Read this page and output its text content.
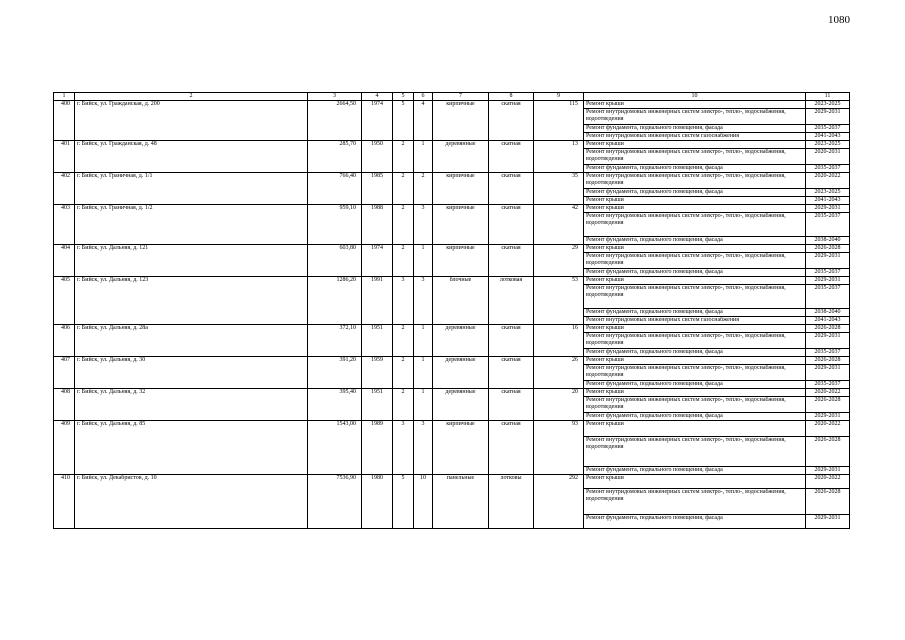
1080
1	2	3	4	5	6	7	8	9	10	11
400	г. Бийск, ул. Гражданская, д. 200	2664,50	1974	5	4	кирпичные	скатная	115	Ремонт крыши	2023-2025
									Ремонт внутридомовых инженерных систем электро-, тепло-, водоснабжения, водоотведения	2029-2031
									Ремонт фундамента, подвального помещения, фасада	2035-2037
									Ремонт внутридомовых инженерных систем газоснабжения	2041-2043
401	г. Бийск, ул. Гражданская, д. 48	285,70	1950	2	1	деревянные	скатная	13	Ремонт крыши	2023-2025
									Ремонт внутридомовых инженерных систем электро-, тепло-, водоснабжения, водоотведения	2020-2031
									Ремонт фундамента, подвального помещения, фасада	2035-2037
402	г. Бийск, ул. Граничная, д. 1/1	766,40	1985	2	2	кирпичные	скатная	35	Ремонт внутридомовых инженерных систем электро-, тепло-, водоснабжения, водоотведения	2020-2022
									Ремонт фундамента, подвального помещения, фасада	2023-2025
									Ремонт крыши	2041-2043
403	г. Бийск, ул. Граничная, д. 1/2	959,10	1988	2	3	кирпичные	скатная	42	Ремонт крыши	2029-2031
									Ремонт внутридомовых инженерных систем электро-, тепло-, водоснабжения, водоотведения	2035-2037
									Ремонт фундамента, подвального помещения, фасада	2038-2040
404	г. Бийск, ул. Дальняя, д. 121	603,80	1974	2	1	кирпичные	скатная	29	Ремонт крыши	2026-2028
									Ремонт внутридомовых инженерных систем электро-, тепло-, водоснабжения, водоотведения	2029-2031
									Ремонт фундамента, подвального помещения, фасада	2035-2037
405	г. Бийск, ул. Дальняя, д. 123	1286,20	1991	3	3	блочные	лотковая	53	Ремонт крыши	2029-2031
									Ремонт внутридомовых инженерных систем электро-, тепло-, водоснабжения, водоотведения	2035-2037
									Ремонт фундамента, подвального помещения, фасада	2038-2040
									Ремонт внутридомовых инженерных систем газоснабжения	2041-2043
406	г. Бийск, ул. Дальняя, д. 28а	372,10	1951	2	1	деревянные	скатная	16	Ремонт крыши	2026-2028
									Ремонт внутридомовых инженерных систем электро-, тепло-, водоснабжения, водоотведения	2029-2031
									Ремонт фундамента, подвального помещения, фасада	2035-2037
407	г. Бийск, ул. Дальняя, д. 30	391,20	1959	2	1	деревянные	скатная	26	Ремонт крыши	2026-2028
									Ремонт внутридомовых инженерных систем электро-, тепло-, водоснабжения, водоотведения	2029-2031
									Ремонт фундамента, подвального помещения, фасада	2035-2037
408	г. Бийск, ул. Дальняя, д. 32	395,40	1951	2	1	деревянные	скатная	20	Ремонт крыши	2020-2022
									Ремонт внутридомовых инженерных систем электро-, тепло-, водоснабжения, водоотведения	2026-2028
									Ремонт фундамента, подвального помещения, фасада	2029-2031
409	г. Бийск, ул. Дальняя, д. 85	1543,00	1989	3	3	кирпичные	скатная	93	Ремонт крыши	2020-2022
									Ремонт внутридомовых инженерных систем электро-, тепло-, водоснабжения, водоотведения	2026-2028
									Ремонт фундамента, подвального помещения, фасада	2029-2031
410	г. Бийск, ул. Декабристов, д. 10	7536,90	1980	5	10	панельные	лотковы	292	Ремонт крыши	2020-2022
									Ремонт внутридомовых инженерных систем электро-, тепло-, водоснабжения, водоотведения	2026-2028
									Ремонт фундамента, подвального помещения, фасада	2029-2031
